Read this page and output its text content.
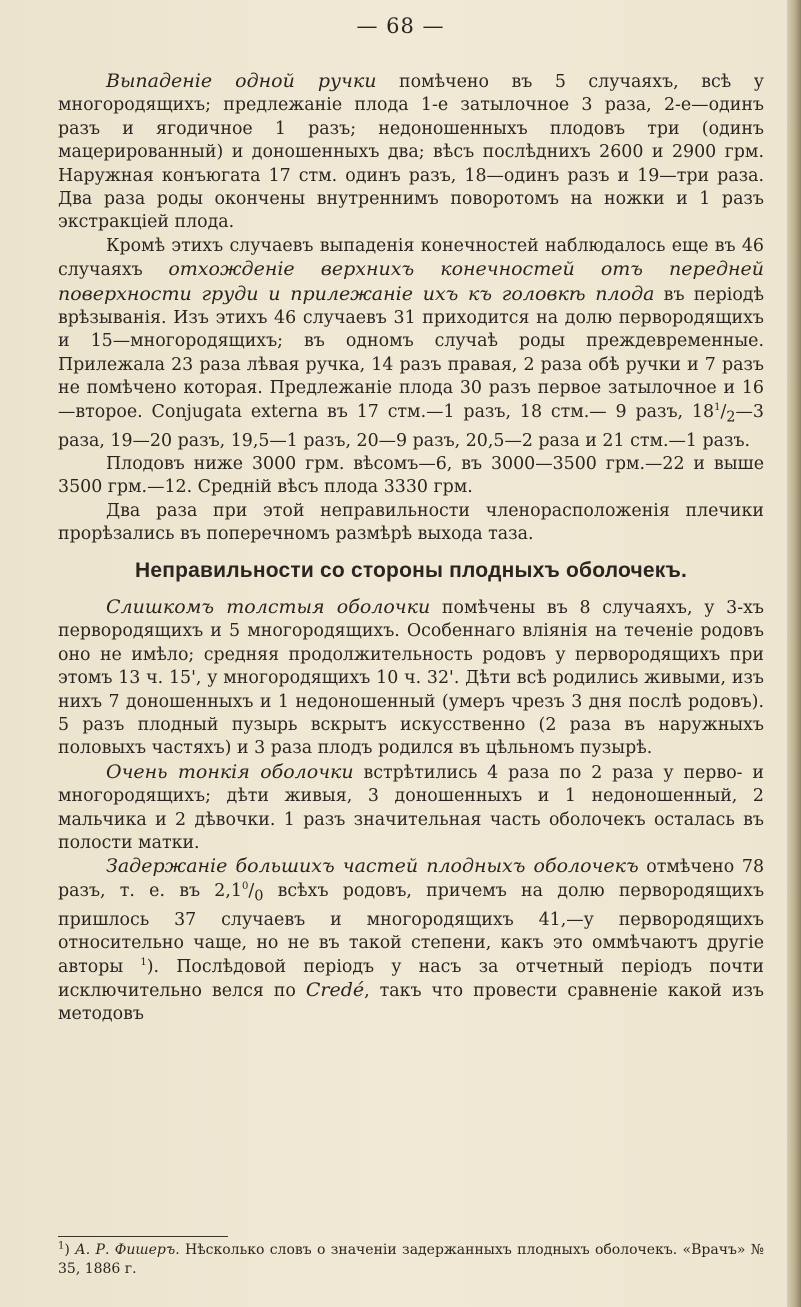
— 68 —

Выпаденіе одной ручки помѣчено въ 5 случаяхъ, всѣ у многородящихъ; предлежаніе плода 1-е затылочное 3 раза, 2-е—одинъ разъ и ягодичное 1 разъ; недоношенныхъ плодовъ три (одинъ мацерированный) и доношенныхъ два; вѣсъ послѣднихъ 2600 и 2900 грм. Наружная конъюгата 17 стм. одинъ разъ, 18—одинъ разъ и 19—три раза. Два раза роды окончены внутреннимъ поворотомъ на ножки и 1 разъ экстракціей плода.

Кромѣ этихъ случаевъ выпаденія конечностей наблюдалось еще въ 46 случаяхъ отхожденіе верхнихъ конечностей отъ передней поверхности груди и прилежаніе ихъ къ головкѣ плода въ періодѣ врѣзыванія. Изъ этихъ 46 случаевъ 31 приходится на долю первородящихъ и 15—многородящихъ; въ одномъ случаѣ роды преждевременные. Прилежала 23 раза лѣвая ручка, 14 разъ правая, 2 раза обѣ ручки и 7 разъ не помѣчено которая. Предлежаніе плода 30 разъ первое затылочное и 16—второе. Conjugata externa въ 17 стм.—1 разъ, 18 стм.— 9 разъ, $18^1/_2—3$ раза, 19—20 разъ, 19,5—1 разъ, 20—9 разъ, 20,5—2 раза и 21 стм.—1 разъ.

Плодовъ ниже 3000 грм. вѣсомъ—6, въ 3000—3500 грм.—22 и выше 3500 грм.—12. Средній вѣсъ плода 3330 грм.

Два раза при этой неправильности членорасположенія плечики прорѣзались въ поперечномъ размѣрѣ выхода таза.

Неправильности со стороны плодныхъ оболочекъ.

Слишкомъ толстыя оболочки помѣчены въ 8 случаяхъ, у 3-хъ первородящихъ и 5 многородящихъ. Особеннаго вліянія на теченіе родовъ оно не имѣло; средняя продолжительность родовъ у первородящихъ при этомъ 13 ч. 15', у многородящихъ 10 ч. 32'. Дѣти всѣ родились живыми, изъ нихъ 7 доношенныхъ и 1 недоношенный (умеръ чрезъ 3 дня послѣ родовъ). 5 разъ плодный пузырь вскрытъ искусственно (2 раза въ наружныхъ половыхъ частяхъ) и 3 раза плодъ родился въ цѣльномъ пузырѣ.

Очень тонкія оболочки встрѣтились 4 раза по 2 раза у перво- и многородящихъ; дѣти живыя, 3 доношенныхъ и 1 недоношенный, 2 мальчика и 2 дѣвочки. 1 разъ значительная часть оболочекъ осталась въ полости матки.

Задержаніе большихъ частей плодныхъ оболочекъ отмѣчено 78 разъ, т. е. въ $2,1^0/_0$ всѣхъ родовъ, причемъ на долю первородящихъ пришлось 37 случаевъ и многородящихъ 41,—у первородящихъ относительно чаще, но не въ такой степени, какъ это оммѣчаютъ другіе авторы $^1$). Послѣдовой періодъ у насъ за отчетный періодъ почти исключительно велся по Credé, такъ что провести сравненіе какой изъ методовъ

$^1$) А. Р. Фишеръ. Нѣсколько словъ о значеніи задержанныхъ плодныхъ оболочекъ. «Врачъ» № 35, 1886 г.
